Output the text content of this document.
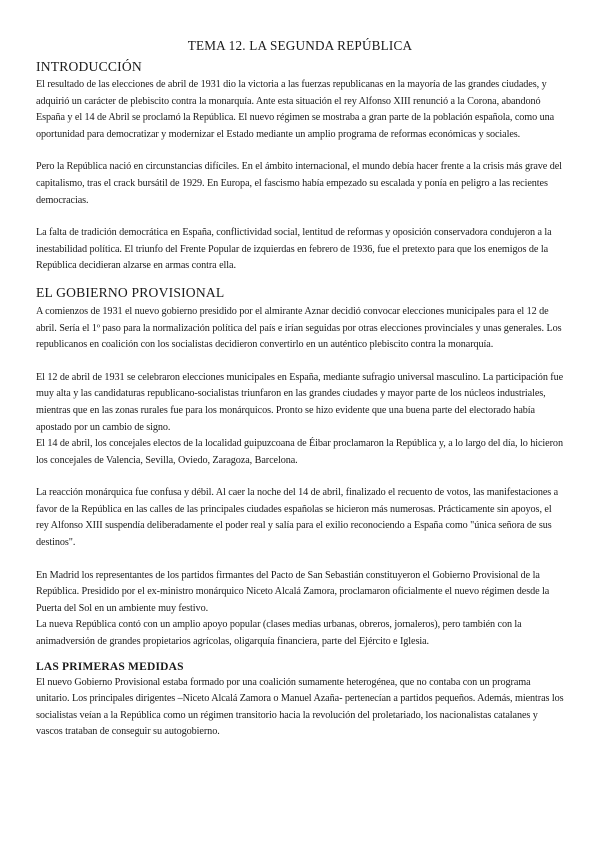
TEMA 12. LA SEGUNDA REPÚBLICA
INTRODUCCIÓN

El resultado de las elecciones de abril de 1931 dio la victoria a las fuerzas republicanas en la mayoría de las grandes ciudades, y adquirió un carácter de plebiscito contra la monarquía. Ante esta situación el rey Alfonso XIII renunció a la Corona, abandonó España y el 14 de Abril se proclamó la República. El nuevo régimen se mostraba a gran parte de la población española, como una oportunidad para democratizar y modernizar el Estado mediante un amplio programa de reformas económicas y sociales.

Pero la República nació en circunstancias difíciles. En el ámbito internacional, el mundo debía hacer frente a la crisis más grave del capitalismo, tras el crack bursátil de 1929. En Europa, el fascismo había empezado su escalada y ponía en peligro a las recientes democracias.

La falta de tradición democrática en España, conflictividad social, lentitud de reformas y oposición conservadora condujeron a la inestabilidad política. El triunfo del Frente Popular de izquierdas en febrero de 1936, fue el pretexto para que los enemigos de la República decidieran alzarse en armas contra ella.

EL GOBIERNO PROVISIONAL

A comienzos de 1931 el nuevo gobierno presidido por el almirante Aznar decidió convocar elecciones municipales para el 12 de abril. Sería el 1º paso para la normalización política del país e irían seguidas por otras elecciones provinciales y unas generales. Los republicanos en coalición con los socialistas decidieron convertirlo en un auténtico plebiscito contra la monarquía.

El 12 de abril de 1931 se celebraron elecciones municipales en España, mediante sufragio universal masculino. La participación fue muy alta y las candidaturas republicano-socialistas triunfaron en las grandes ciudades y mayor parte de los núcleos industriales, mientras que en las zonas rurales fue para los monárquicos. Pronto se hizo evidente que una buena parte del electorado había apostado por un cambio de signo.

El 14 de abril, los concejales electos de la localidad guipuzcoana de Éibar proclamaron la República y, a lo largo del día, lo hicieron los concejales de Valencia, Sevilla, Oviedo, Zaragoza, Barcelona.

La reacción monárquica fue confusa y débil. Al caer la noche del 14 de abril, finalizado el recuento de votos, las manifestaciones a favor de la República en las calles de las principales ciudades españolas se hicieron más numerosas. Prácticamente sin apoyos, el rey Alfonso XIII suspendía deliberadamente el poder real y salía para el exilio reconociendo a España como "única señora de sus destinos".

En Madrid los representantes de los partidos firmantes del Pacto de San Sebastián constituyeron el Gobierno Provisional de la República. Presidido por el ex-ministro monárquico Niceto Alcalá Zamora, proclamaron oficialmente el nuevo régimen desde la Puerta del Sol en un ambiente muy festivo.

La nueva República contó con un amplio apoyo popular (clases medias urbanas, obreros, jornaleros), pero también con la animadversión de grandes propietarios agrícolas, oligarquía financiera, parte del Ejército e Iglesia.

LAS PRIMERAS MEDIDAS

El nuevo Gobierno Provisional estaba formado por una coalición sumamente heterogénea, que no contaba con un programa unitario. Los principales dirigentes –Niceto Alcalá Zamora o Manuel Azaña- pertenecían a partidos pequeños. Además, mientras los socialistas veían a la República como un régimen transitorio hacia la revolución del proletariado, los nacionalistas catalanes y vascos trataban de conseguir su autogobierno.
